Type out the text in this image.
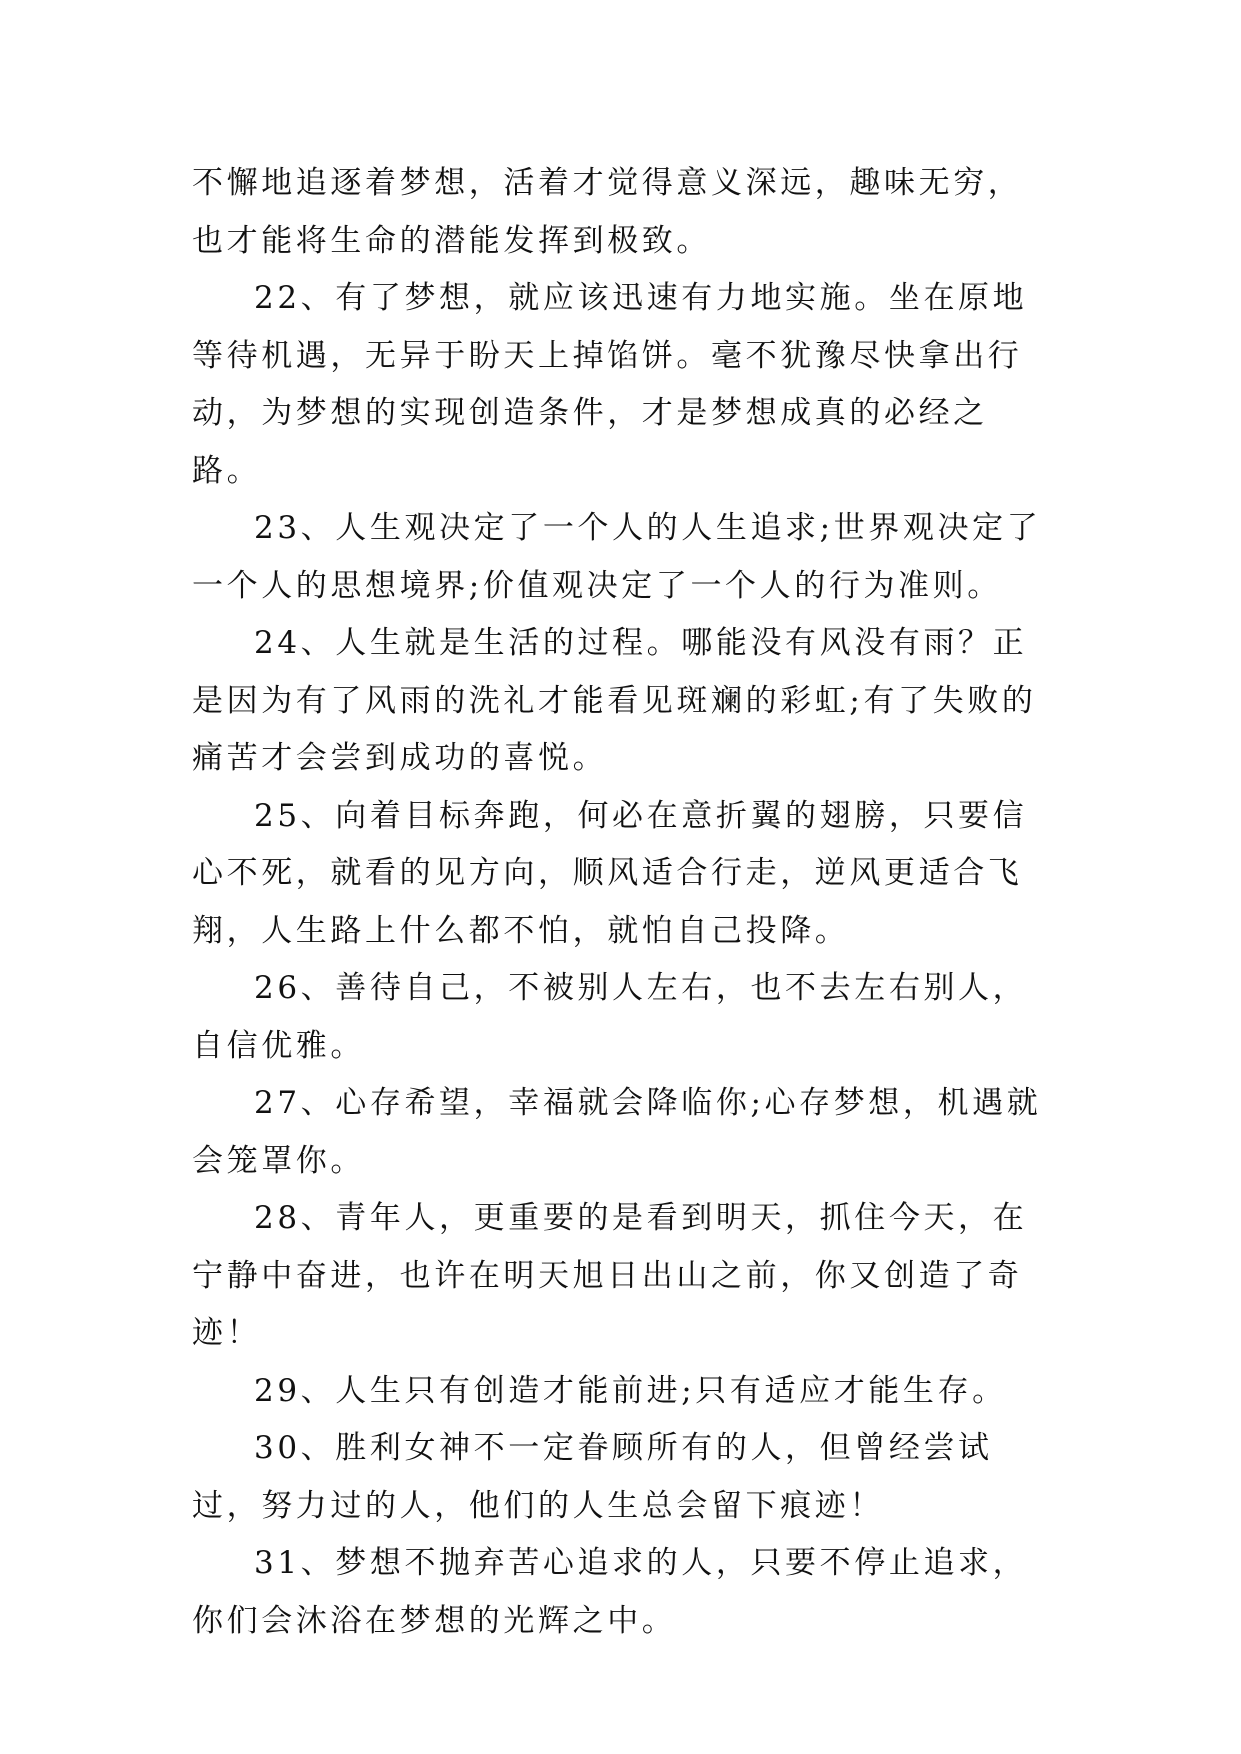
不懈地追逐着梦想，活着才觉得意义深远，趣味无穷，也才能将生命的潜能发挥到极致。

22、有了梦想，就应该迅速有力地实施。坐在原地等待机遇，无异于盼天上掉馅饼。毫不犹豫尽快拿出行动，为梦想的实现创造条件，才是梦想成真的必经之路。

23、人生观决定了一个人的人生追求;世界观决定了一个人的思想境界;价值观决定了一个人的行为准则。

24、人生就是生活的过程。哪能没有风没有雨？正是因为有了风雨的洗礼才能看见斑斓的彩虹;有了失败的痛苦才会尝到成功的喜悦。

25、向着目标奔跑，何必在意折翼的翅膀，只要信心不死，就看的见方向，顺风适合行走，逆风更适合飞翔，人生路上什么都不怕，就怕自己投降。

26、善待自己，不被别人左右，也不去左右别人，自信优雅。

27、心存希望，幸福就会降临你;心存梦想，机遇就会笼罩你。

28、青年人，更重要的是看到明天，抓住今天，在宁静中奋进，也许在明天旭日出山之前，你又创造了奇迹！

29、人生只有创造才能前进;只有适应才能生存。

30、胜利女神不一定眷顾所有的人，但曾经尝试过，努力过的人，他们的人生总会留下痕迹！

31、梦想不抛弃苦心追求的人，只要不停止追求，你们会沐浴在梦想的光辉之中。
